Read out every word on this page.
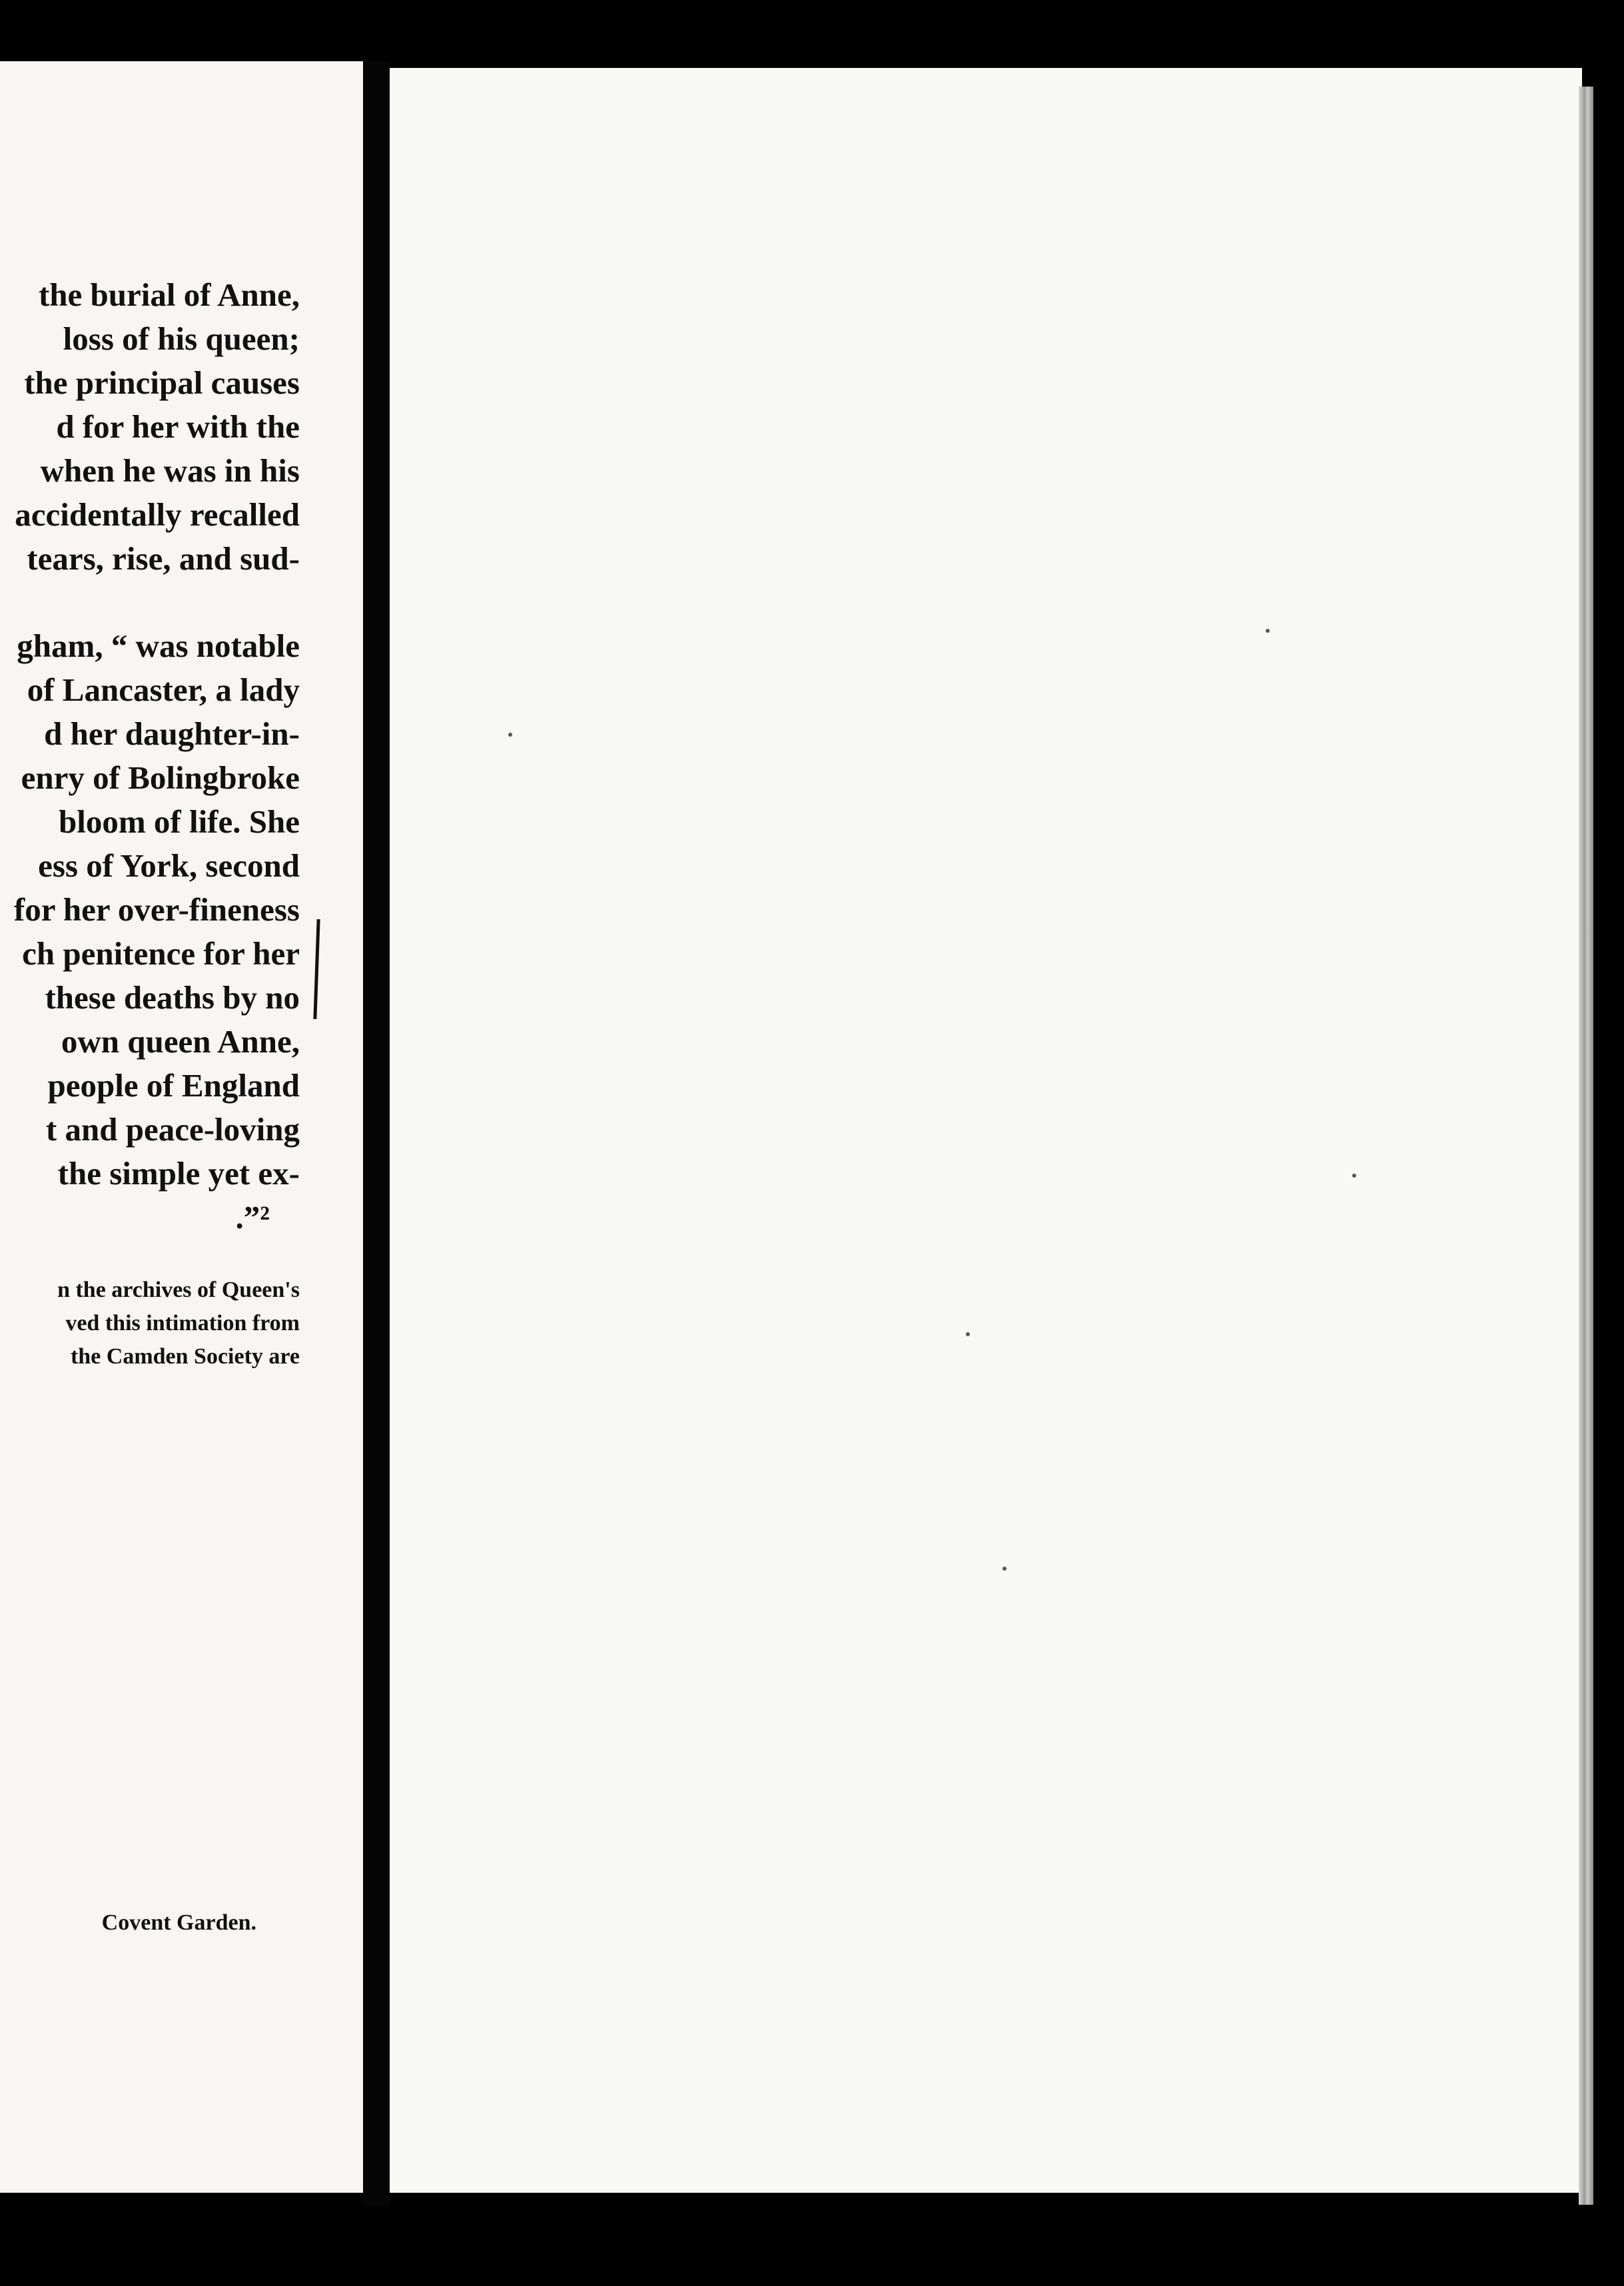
the burial of Anne,
loss of his queen;
the principal causes
d for her with the
when he was in his
accidentally recalled
tears, rise, and sud-
gham, “ was notable
of Lancaster, a lady
d her daughter-in-
enry of Bolingbroke
bloom of life. She
ess of York, second
for her over-fineness
ch penitence for her
these deaths by no
own queen Anne,
people of England
t and peace-loving
the simple yet ex-
.”²
n the archives of Queen's
ved this intimation from
the Camden Society are
Covent Garden.
